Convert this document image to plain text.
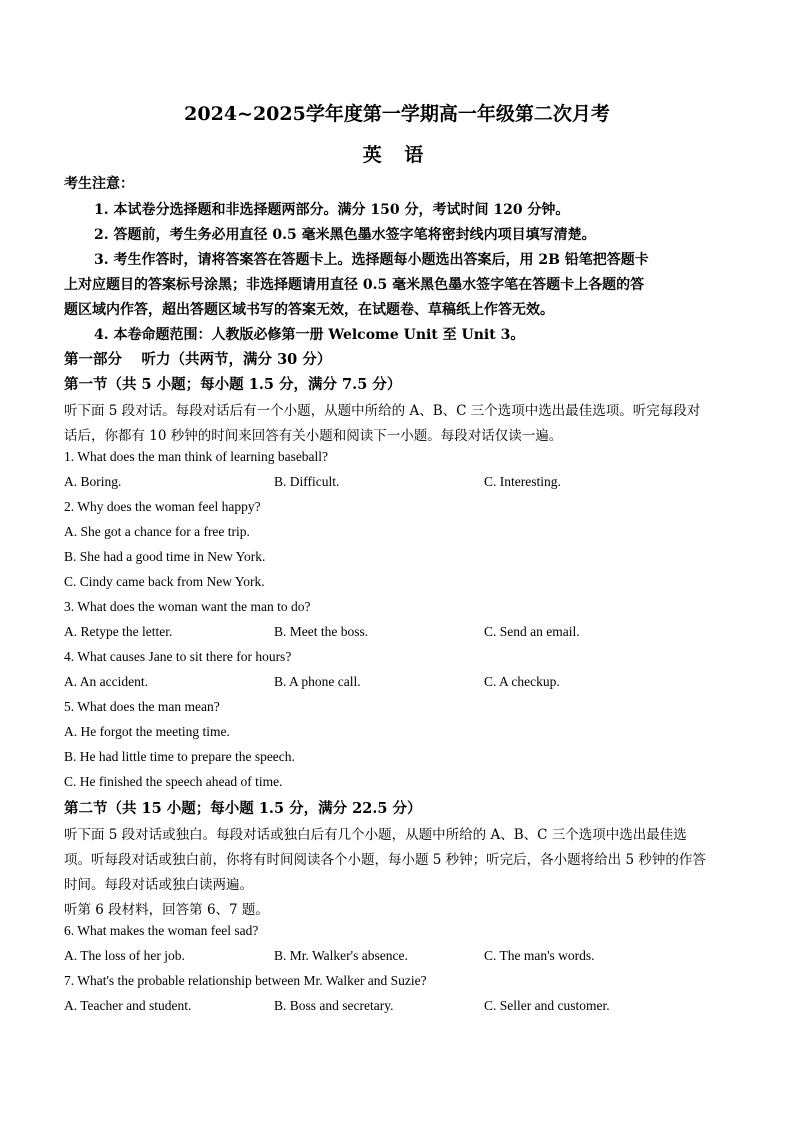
2024~2025学年度第一学期高一年级第二次月考
英 语
考生注意：
1. 本试卷分选择题和非选择题两部分。满分 150 分，考试时间 120 分钟。
2. 答题前，考生务必用直径 0.5 毫米黑色墨水签字笔将密封线内项目填写清楚。
3. 考生作答时，请将答案答在答题卡上。选择题每小题选出答案后，用 2B 铅笔把答题卡
上对应题目的答案标号涂黑；非选择题请用直径 0.5 毫米黑色墨水签字笔在答题卡上各题的答
题区域内作答，超出答题区域书写的答案无效，在试题卷、草稿纸上作答无效。
4. 本卷命题范围：人教版必修第一册 Welcome Unit 至 Unit 3。
第一部分　 听力（共两节，满分 30 分）
第一节（共 5 小题；每小题 1.5 分，满分 7.5 分）
听下面 5 段对话。每段对话后有一个小题，从题中所给的 A、B、C 三个选项中选出最佳选项。听完每段对
话后，你都有 10 秒钟的时间来回答有关小题和阅读下一小题。每段对话仅读一遍。
1. What does the man think of learning baseball?
A. Boring.	B. Difficult.	C. Interesting.
2. Why does the woman feel happy?
A. She got a chance for a free trip.
B. She had a good time in New York.
C. Cindy came back from New York.
3. What does the woman want the man to do?
A. Retype the letter.	B. Meet the boss.	C. Send an email.
4. What causes Jane to sit there for hours?
A. An accident.	B. A phone call.	C. A checkup.
5. What does the man mean?
A. He forgot the meeting time.
B. He had little time to prepare the speech.
C. He finished the speech ahead of time.
第二节（共 15 小题；每小题 1.5 分，满分 22.5 分）
听下面 5 段对话或独白。每段对话或独白后有几个小题，从题中所给的 A、B、C 三个选项中选出最佳选
项。听每段对话或独白前，你将有时间阅读各个小题，每小题 5 秒钟；听完后，各小题将给出 5 秒钟的作答
时间。每段对话或独白读两遍。
听第 6 段材料，回答第 6、7 题。
6. What makes the woman feel sad?
A. The loss of her job.	B. Mr. Walker's absence.	C. The man's words.
7. What's the probable relationship between Mr. Walker and Suzie?
A. Teacher and student.	B. Boss and secretary.	C. Seller and customer.
